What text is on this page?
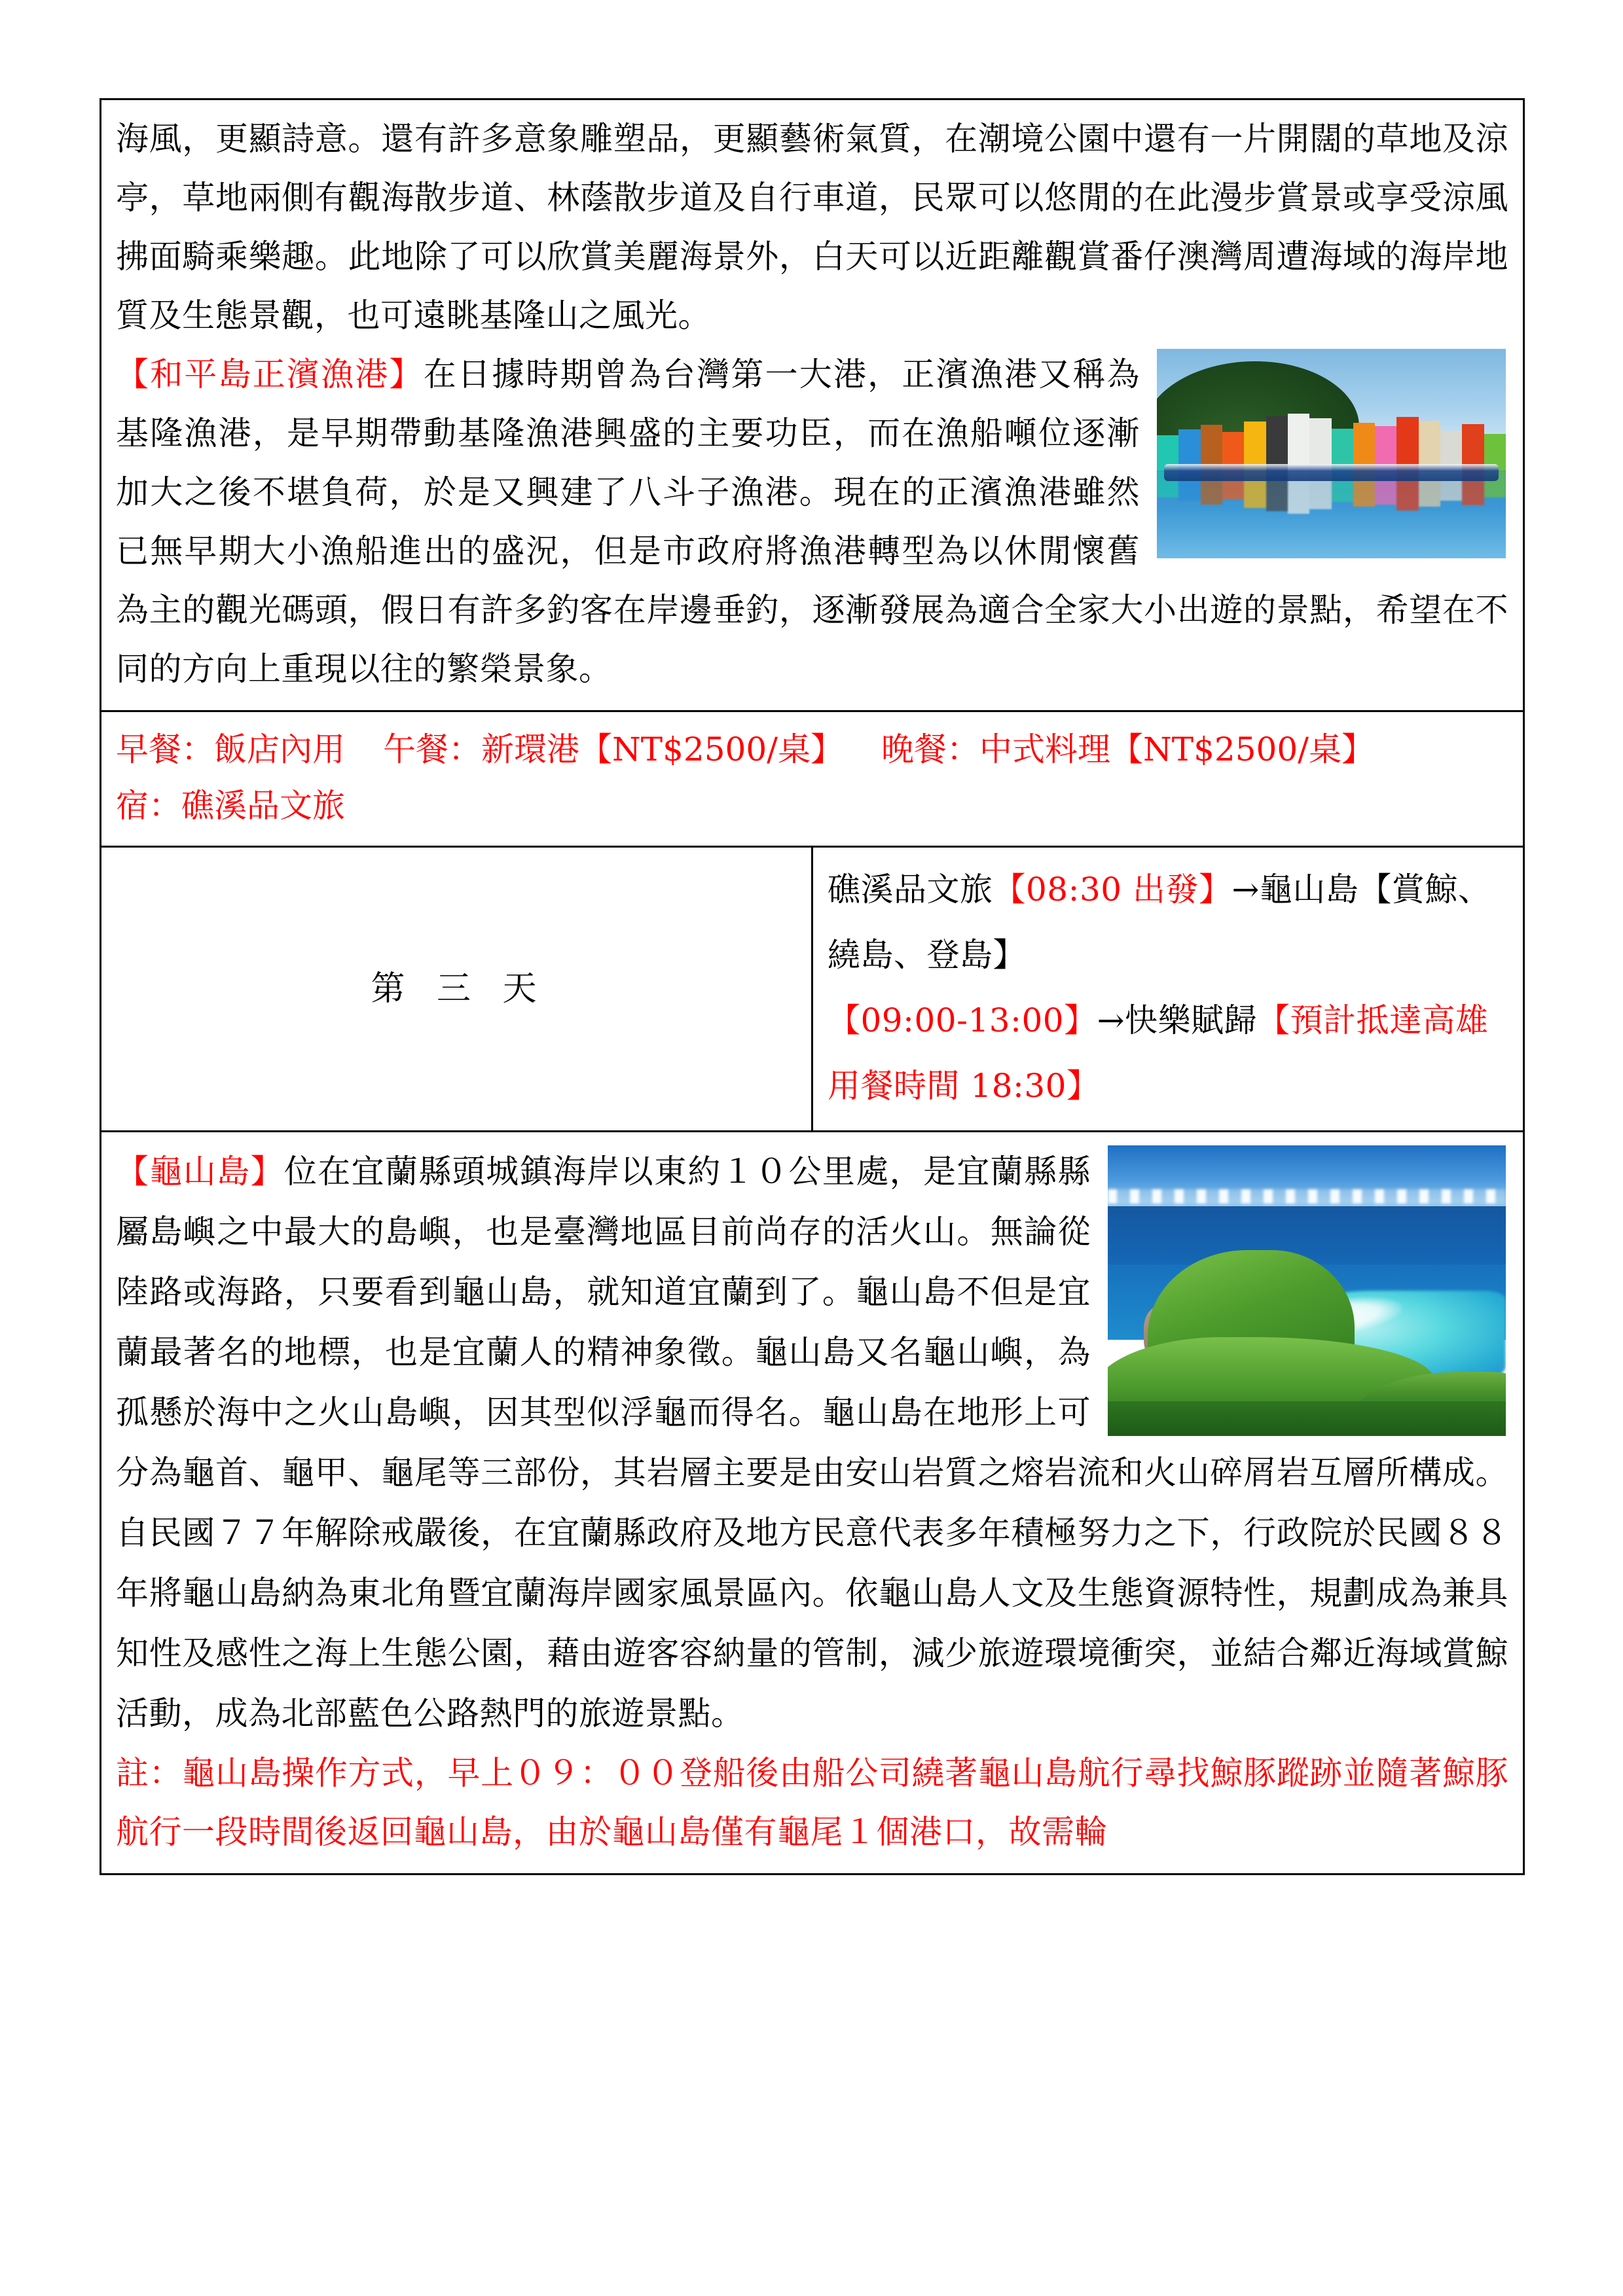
海風，更顯詩意。還有許多意象雕塑品，更顯藝術氣質，在潮境公園中還有一片開闊的草地及涼亭，草地兩側有觀海散步道、林蔭散步道及自行車道，民眾可以悠閒的在此漫步賞景或享受涼風拂面騎乘樂趣。此地除了可以欣賞美麗海景外，白天可以近距離觀賞番仔澳灣周遭海域的海岸地質及生態景觀，也可遠眺基隆山之風光。

【和平島正濱漁港】在日據時期曾為台灣第一大港，正濱漁港又稱為基隆漁港，是早期帶動基隆漁港興盛的主要功臣，而在漁船噸位逐漸加大之後不堪負荷，於是又興建了八斗子漁港。現在的正濱漁港雖然已無早期大小漁船進出的盛況，但是市政府將漁港轉型為以休閒懷舊為主的觀光碼頭，假日有許多釣客在岸邊垂釣，逐漸發展為適合全家大小出遊的景點，希望在不同的方向上重現以往的繁榮景象。

早餐：飯店內用 午餐：新環港【NT$2500/桌】 晚餐：中式料理【NT$2500/桌】
宿：礁溪品文旅

第 三 天

礁溪品文旅【08:30 出發】→龜山島【賞鯨、繞島、登島】
【09:00-13:00】→快樂賦歸【預計抵達高雄用餐時間 18:30】

【龜山島】位在宜蘭縣頭城鎮海岸以東約１０公里處，是宜蘭縣縣屬島嶼之中最大的島嶼，也是臺灣地區目前尚存的活火山。無論從陸路或海路，只要看到龜山島，就知道宜蘭到了。龜山島不但是宜蘭最著名的地標，也是宜蘭人的精神象徵。龜山島又名龜山嶼，為孤懸於海中之火山島嶼，因其型似浮龜而得名。龜山島在地形上可分為龜首、龜甲、龜尾等三部份，其岩層主要是由安山岩質之熔岩流和火山碎屑岩互層所構成。自民國７７年解除戒嚴後，在宜蘭縣政府及地方民意代表多年積極努力之下，行政院於民國８８年將龜山島納為東北角暨宜蘭海岸國家風景區內。依龜山島人文及生態資源特性，規劃成為兼具知性及感性之海上生態公園，藉由遊客容納量的管制，減少旅遊環境衝突，並結合鄰近海域賞鯨活動，成為北部藍色公路熱門的旅遊景點。

註：龜山島操作方式，早上０９：００登船後由船公司繞著龜山島航行尋找鯨豚蹤跡並隨著鯨豚航行一段時間後返回龜山島，由於龜山島僅有龜尾１個港口，故需輪
